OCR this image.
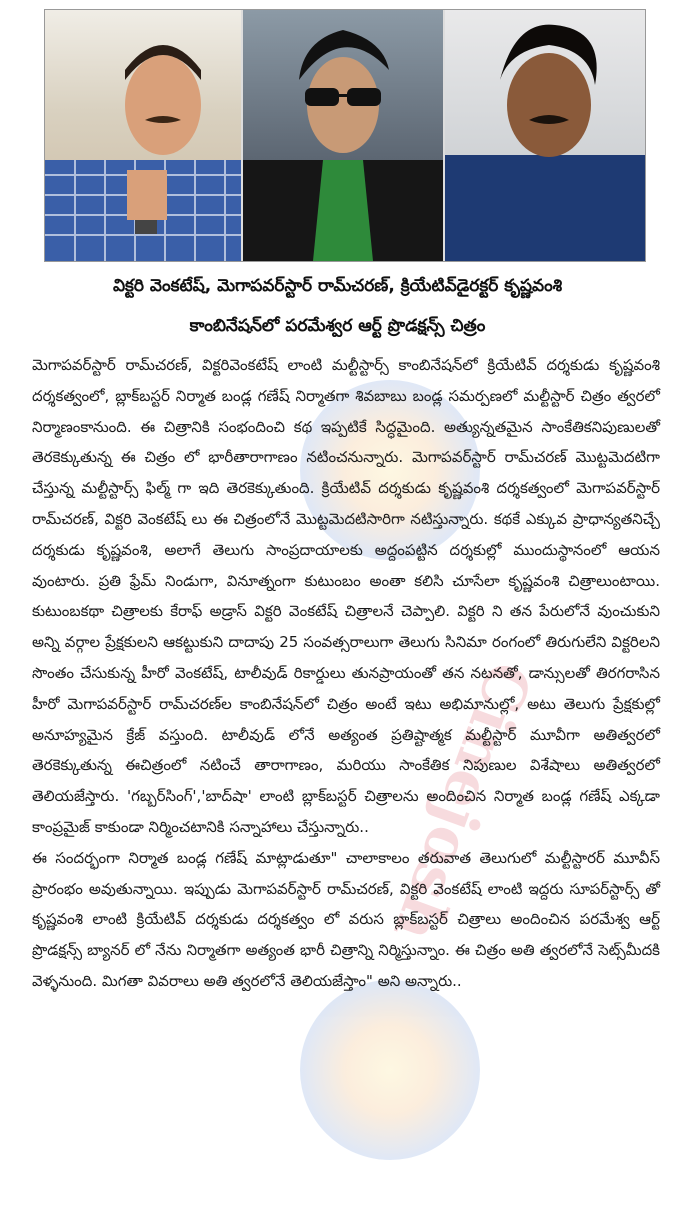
Cinejosh
విక్టరి వెంకటేష్, మెగాపవర్‌స్టార్ రామ్‌చరణ్, క్రియేటివ్‌డైరక్టర్ కృష్ణవంశి
కాంబినేషన్‌లో పరమేశ్వర ఆర్ట్ ప్రొడక్షన్స్ చిత్రం

మెగాపవర్‌స్టార్ రామ్‌చరణ్, విక్టరివెంకటేష్ లాంటి మల్టీస్టార్స్ కాంబినేషన్‌లో క్రియేటివ్ దర్శకుడు కృష్ణవంశి దర్శకత్వంలో, బ్లాక్‌బస్టర్ నిర్మాత బండ్ల గణేష్ నిర్మాతగా శివబాబు బండ్ల సమర్పణలో మల్టీస్టార్ చిత్రం త్వరలో నిర్మాణంకానుంది. ఈ చిత్రానికి సంభందించి కథ ఇప్పటికే సిద్ధమైంది. అత్యున్నతమైన సాంకేతికనిపుణులతో తెరకెక్కుతున్న ఈ చిత్రం లో భారీతారాగాణం నటించనున్నారు. మెగాపవర్‌స్టార్ రామ్‌చరణ్ మొట్టమెదటిగా చేస్తున్న మల్టీస్టార్స్ ఫిల్మ్ గా ఇది తెరకెక్కుతుంది. క్రియేటివ్ దర్శకుడు కృష్ణవంశి దర్శకత్వంలో మెగాపవర్‌స్టార్ రామ్‌చరణ్, విక్టరి వెంకటేష్ లు ఈ చిత్రంలోనే మొట్టమెదటిసారిగా నటిస్తున్నారు. కథకే ఎక్కువ ప్రాధాన్యతనిచ్చే దర్శకుడు కృష్ణవంశి, అలాగే తెలుగు సాంప్రదాయాలకు అద్దంపట్టిన దర్శకుల్లో ముందుస్థానంలో ఆయన వుంటారు. ప్రతి ఫ్రేమ్ నిండుగా, వినూత్నంగా కుటుంబం అంతా కలిసి చూసేలా కృష్ణవంశి చిత్రాలుంటాయి. కుటుంబకథా చిత్రాలకు కేరాఫ్ అడ్రాస్ విక్టరి వెంకటేష్ చిత్రాలనే చెప్పాలి. విక్టరి ని తన పేరులోనే వుంచుకుని అన్ని వర్గాల ప్రేక్షకులని ఆకట్టుకుని దాదాపు 25 సంవత్సరాలుగా తెలుగు సినిమా రంగంలో తిరుగులేని విక్టరిలని సొంతం చేసుకున్న హీరో వెంకటేష్, టాలీవుడ్ రికార్డులు తునప్రాయంతో తన నటనతో, డాన్సులతో తిరగరాసిన హీరో మెగాపవర్‌స్టార్ రామ్‌చరణ్‌ల కాంబినేషన్‌లో చిత్రం అంటే ఇటు అభిమానుల్లో, అటు తెలుగు ప్రేక్షకుల్లో అనూహ్యమైన క్రేజ్ వస్తుంది. టాలీవుడ్ లోనే అత్యంత ప్రతిష్టాత్మక మల్టీస్టార్ మూవీగా అతిత్వరలో తెరకెక్కుతున్న ఈచిత్రంలో నటించే తారాగాణం, మరియు సాంకేతిక నిపుణుల విశేషాలు అతిత్వరలో తెలియజేస్తారు. 'గబ్బర్‌సింగ్','బాద్‌షా' లాంటి బ్లాక్‌బస్టర్ చిత్రాలను అందించిన నిర్మాత బండ్ల గణేష్ ఎక్కడా కాంప్రమైజ్ కాకుండా నిర్మించటానికి సన్నాహాలు చేస్తున్నారు..

ఈ సందర్భంగా నిర్మాత బండ్ల గణేష్ మాట్లాడుతూ" చాలాకాలం తరువాత తెలుగులో మల్టీస్టారర్ మూవీస్ ప్రారంభం అవుతున్నాయి. ఇప్పుడు మెగాపవర్‌స్టార్ రామ్‌చరణ్, విక్టరి వెంకటేష్ లాంటి ఇద్దరు సూపర్‌స్టార్స్ తో కృష్ణవంశి లాంటి క్రియేటివ్ దర్శకుడు దర్శకత్వం లో వరుస బ్లాక్‌బస్టర్ చిత్రాలు అందించిన పరమేశ్వ ఆర్ట్ ప్రొడక్షన్స్ బ్యానర్ లో నేను నిర్మాతగా అత్యంత భారీ చిత్రాన్ని నిర్మిస్తున్నాం. ఈ చిత్రం అతి త్వరలోనే సెట్స్‌మీదకి వెళ్ళనుంది. మిగతా వివరాలు అతి త్వరలోనే తెలియజేస్తాం" అని అన్నారు..
